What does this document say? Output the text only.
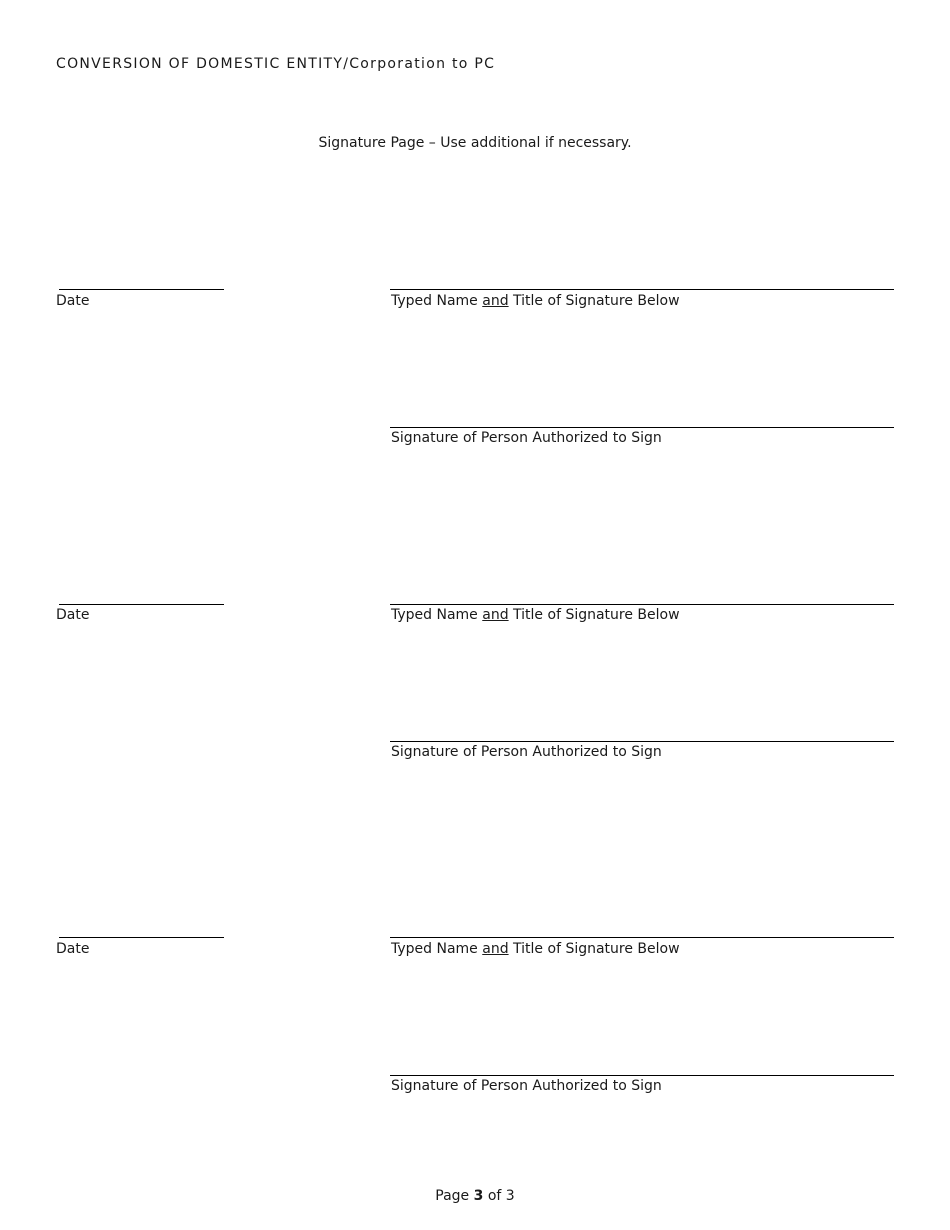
CONVERSION OF DOMESTIC ENTITY/Corporation to PC
Signature Page – Use additional if necessary.
Date	Typed Name and Title of Signature Below
Signature of Person Authorized to Sign
Date	Typed Name and Title of Signature Below
Signature of Person Authorized to Sign
Date	Typed Name and Title of Signature Below
Signature of Person Authorized to Sign
Page 3 of 3
